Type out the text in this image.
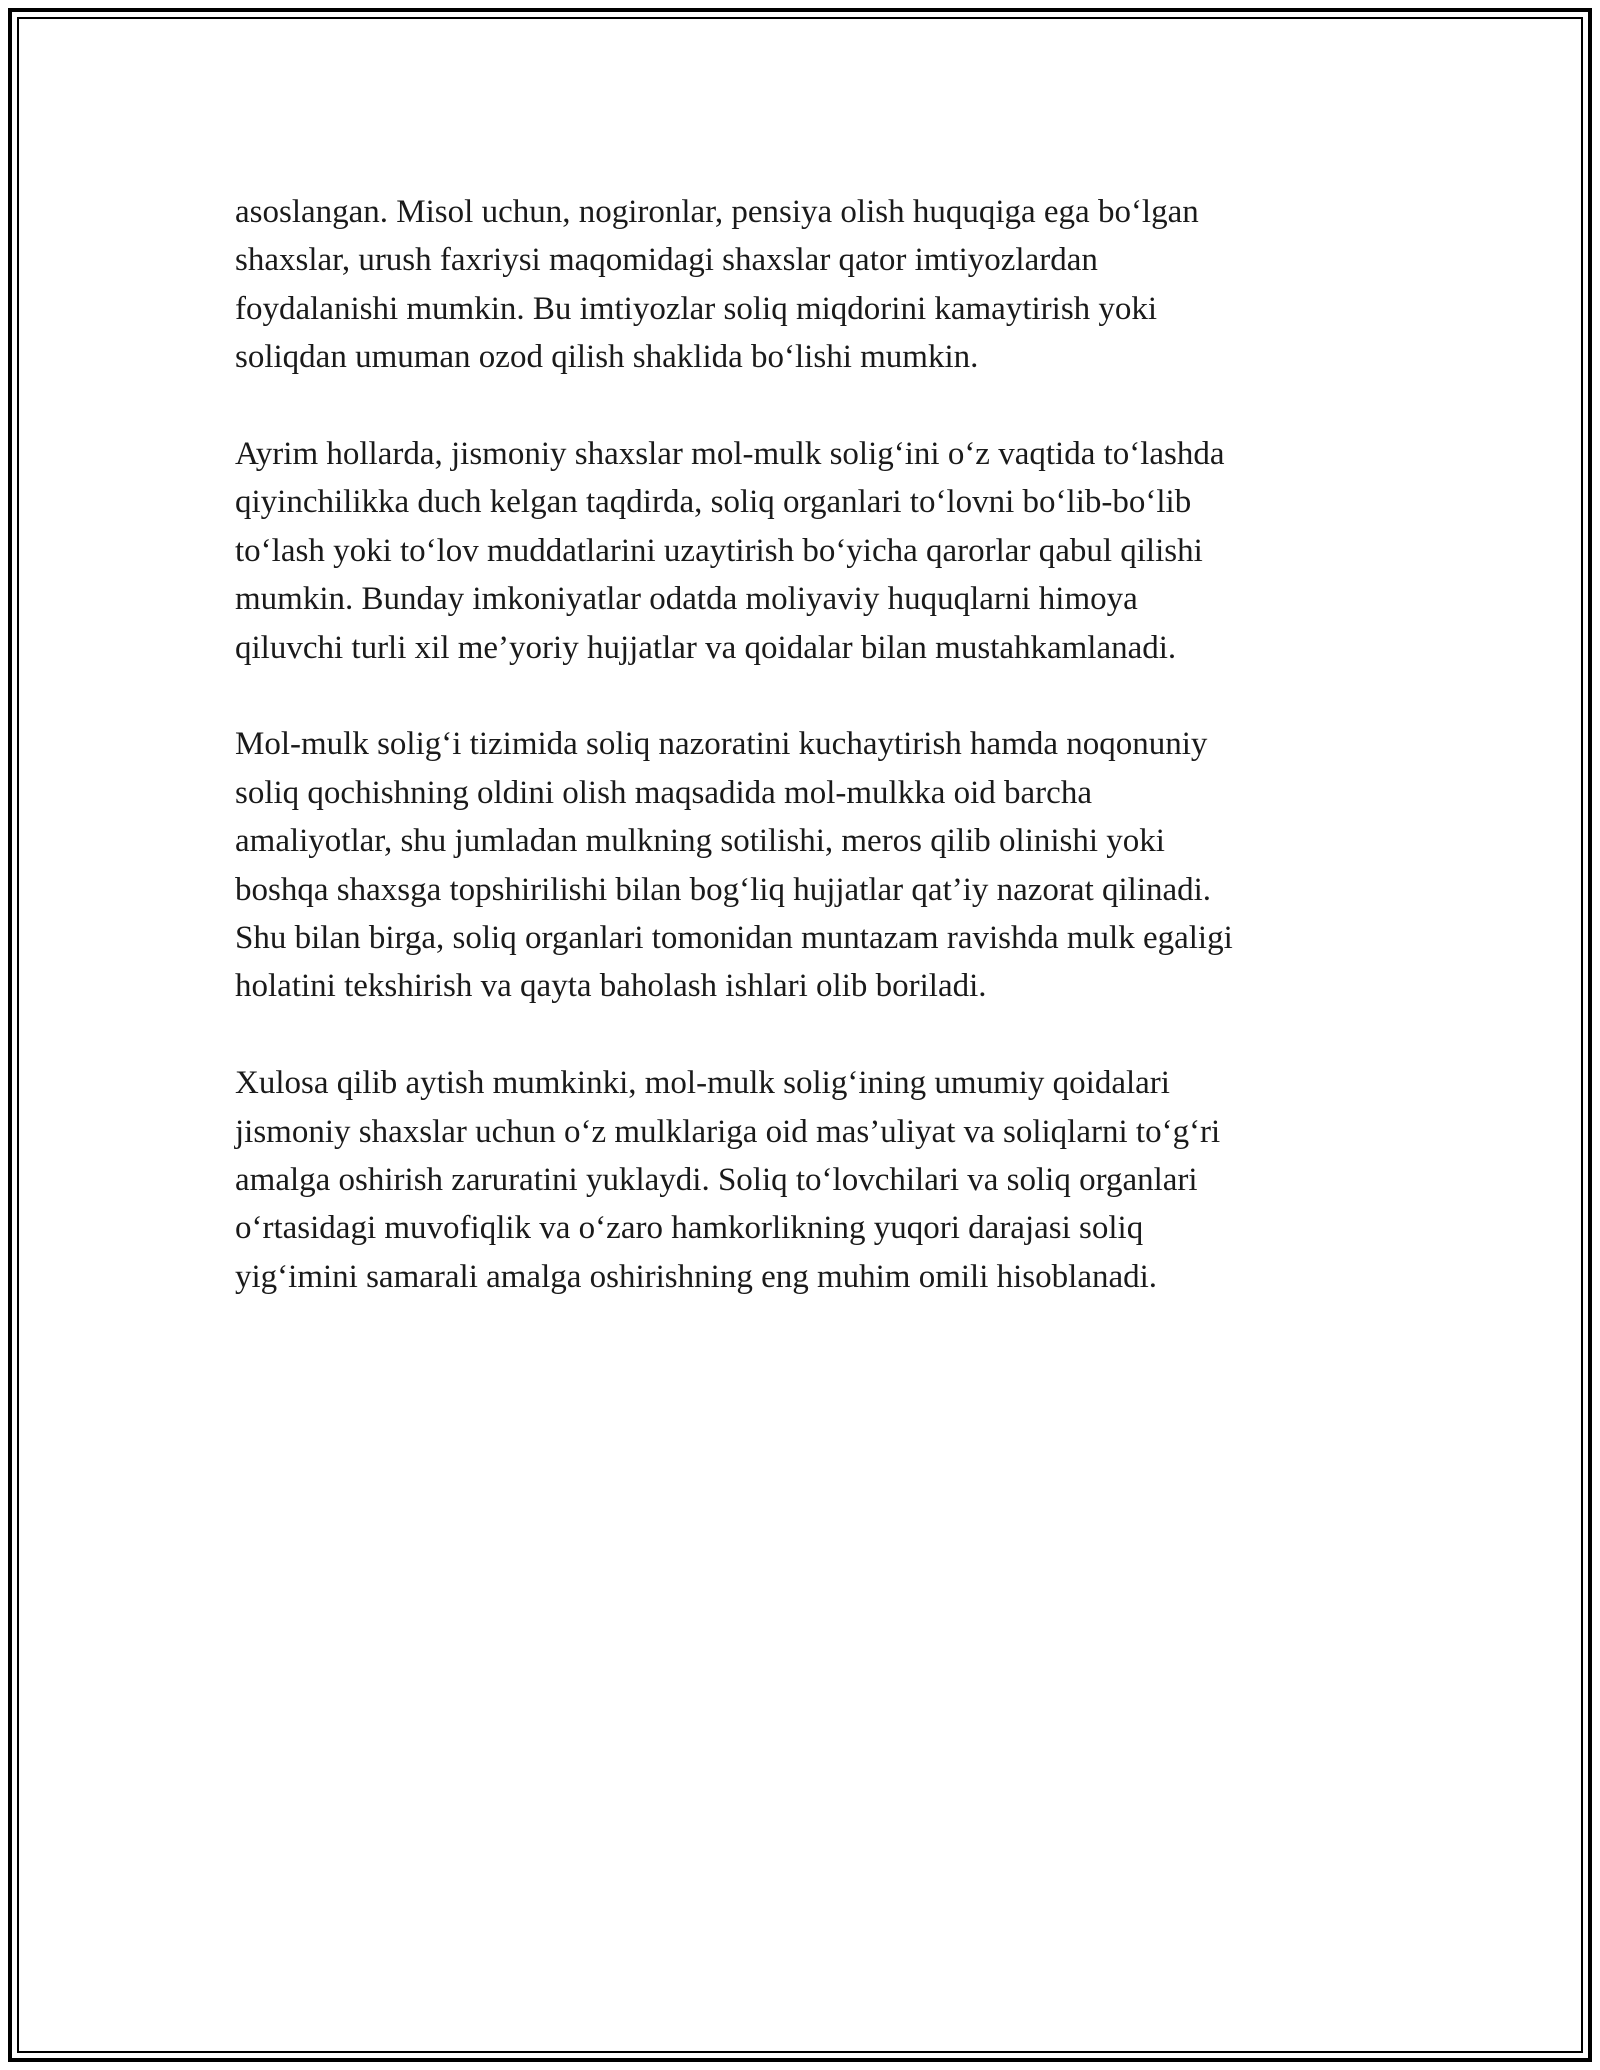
asoslangan. Misol uchun, nogironlar, pensiya olish huquqiga ega bo‘lgan
shaxslar, urush faxriysi maqomidagi shaxslar qator imtiyozlardan
foydalanishi mumkin. Bu imtiyozlar soliq miqdorini kamaytirish yoki
soliqdan umuman ozod qilish shaklida bo‘lishi mumkin.

Ayrim hollarda, jismoniy shaxslar mol-mulk solig‘ini o‘z vaqtida to‘lashda
qiyinchilikka duch kelgan taqdirda, soliq organlari to‘lovni bo‘lib-bo‘lib
to‘lash yoki to‘lov muddatlarini uzaytirish bo‘yicha qarorlar qabul qilishi
mumkin. Bunday imkoniyatlar odatda moliyaviy huquqlarni himoya
qiluvchi turli xil me’yoriy hujjatlar va qoidalar bilan mustahkamlanadi.

Mol-mulk solig‘i tizimida soliq nazoratini kuchaytirish hamda noqonuniy
soliq qochishning oldini olish maqsadida mol-mulkka oid barcha
amaliyotlar, shu jumladan mulkning sotilishi, meros qilib olinishi yoki
boshqa shaxsga topshirilishi bilan bog‘liq hujjatlar qat’iy nazorat qilinadi.
Shu bilan birga, soliq organlari tomonidan muntazam ravishda mulk egaligi
holatini tekshirish va qayta baholash ishlari olib boriladi.

Xulosa qilib aytish mumkinki, mol-mulk solig‘ining umumiy qoidalari
jismoniy shaxslar uchun o‘z mulklariga oid mas’uliyat va soliqlarni to‘g‘ri
amalga oshirish zaruratini yuklaydi. Soliq to‘lovchilari va soliq organlari
o‘rtasidagi muvofiqlik va o‘zaro hamkorlikning yuqori darajasi soliq
yig‘imini samarali amalga oshirishning eng muhim omili hisoblanadi.
